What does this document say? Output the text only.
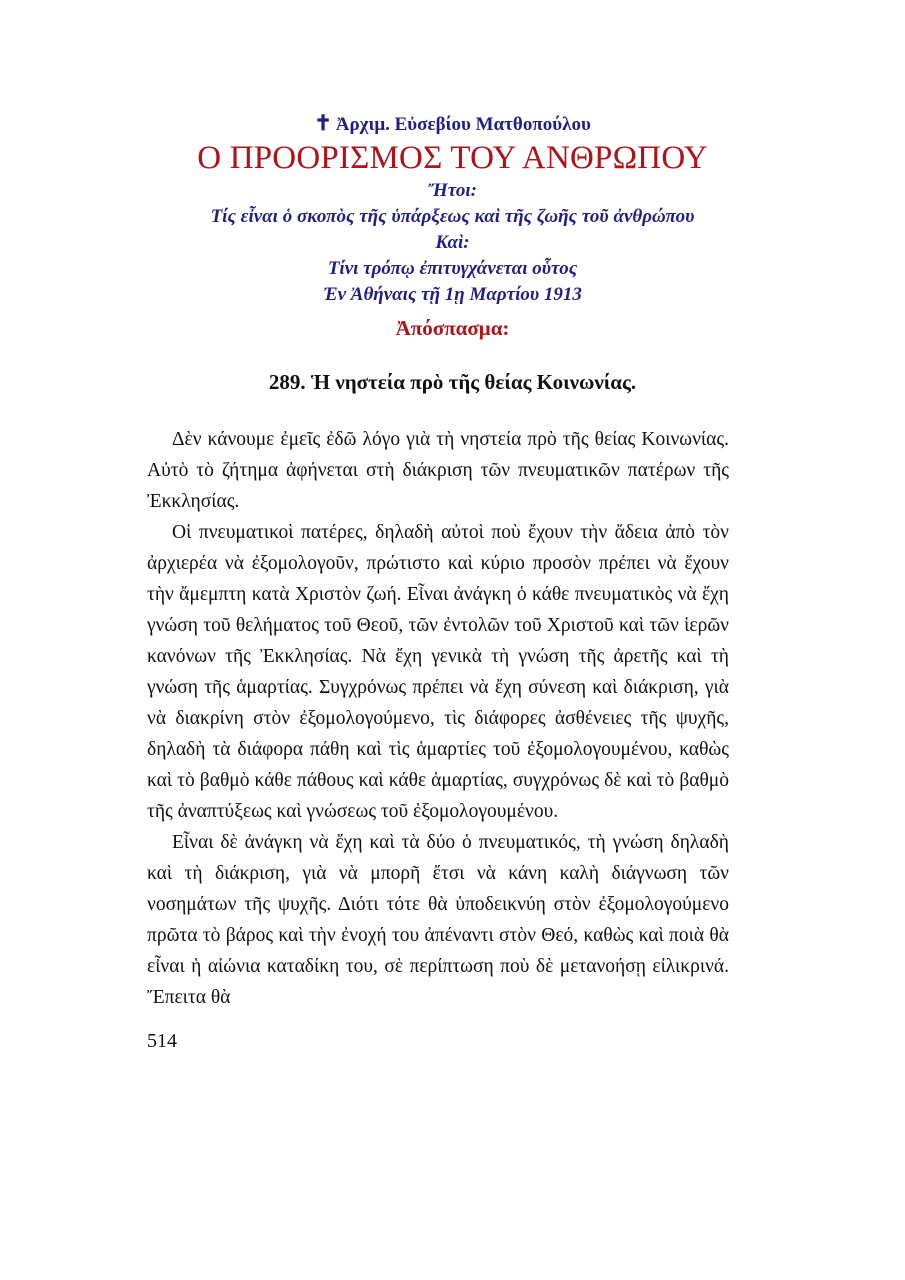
✝ Ἀρχιμ. Εὐσεβίου Ματθοπούλου
Ο ΠΡΟΟΡΙΣΜΟΣ ΤΟΥ ΑΝΘΡΩΠΟΥ
Ἤτοι:
Τίς εἶναι ὁ σκοπὸς τῆς ὑπάρξεως καὶ τῆς ζωῆς τοῦ ἀνθρώπου
Καὶ:
Τίνι τρόπῳ ἐπιτυγχάνεται οὗτος
Ἐν Ἀθήναις τῇ 1ῃ Μαρτίου 1913
Ἀπόσπασμα:
289. Ἡ νηστεία πρὸ τῆς θείας Κοινωνίας.

Δὲν κάνουμε ἐμεῖς ἐδῶ λόγο γιὰ τὴ νηστεία πρὸ τῆς θείας Κοινωνίας. Αὐτὸ τὸ ζήτημα ἀφήνεται στὴ διάκριση τῶν πνευματικῶν πατέρων τῆς Ἐκκλησίας.

Οἱ πνευματικοὶ πατέρες, δηλαδὴ αὐτοὶ ποὺ ἔχουν τὴν ἄδεια ἀπὸ τὸν ἀρχιερέα νὰ ἐξομολογοῦν, πρώτιστο καὶ κύριο προσὸν πρέπει νὰ ἔχουν τὴν ἄμεμπτη κατὰ Χριστὸν ζωή. Εἶναι ἀνάγκη ὁ κάθε πνευματικὸς νὰ ἔχη γνώση τοῦ θελήματος τοῦ Θεοῦ, τῶν ἐντολῶν τοῦ Χριστοῦ καὶ τῶν ἱερῶν κανόνων τῆς Ἐκκλησίας. Νὰ ἔχη γενικὰ τὴ γνώση τῆς ἀρετῆς καὶ τὴ γνώση τῆς ἁμαρτίας. Συγχρόνως πρέπει νὰ ἔχη σύνεση καὶ διάκριση, γιὰ νὰ διακρίνη στὸν ἐξομολογούμενο, τὶς διάφορες ἀσθένειες τῆς ψυχῆς, δηλαδὴ τὰ διάφορα πάθη καὶ τὶς ἁμαρτίες τοῦ ἐξομολογουμένου, καθὼς καὶ τὸ βαθμὸ κάθε πάθους καὶ κάθε ἁμαρτίας, συγχρόνως δὲ καὶ τὸ βαθμὸ τῆς ἀναπτύξεως καὶ γνώσεως τοῦ ἐξομολογουμένου.

Εἶναι δὲ ἀνάγκη νὰ ἔχη καὶ τὰ δύο ὁ πνευματικός, τὴ γνώση δηλαδὴ καὶ τὴ διάκριση, γιὰ νὰ μπορῆ ἔτσι νὰ κάνη καλὴ διάγνωση τῶν νοσημάτων τῆς ψυχῆς. Διότι τότε θὰ ὑποδεικνύη στὸν ἐξομολογούμενο πρῶτα τὸ βάρος καὶ τὴν ἐνοχή του ἀπέναντι στὸν Θεό, καθὼς καὶ ποιὰ θὰ εἶναι ἡ αἰώνια καταδίκη του, σὲ περίπτωση ποὺ δὲ μετανοήσῃ εἰλικρινά. Ἔπειτα θὰ

514
